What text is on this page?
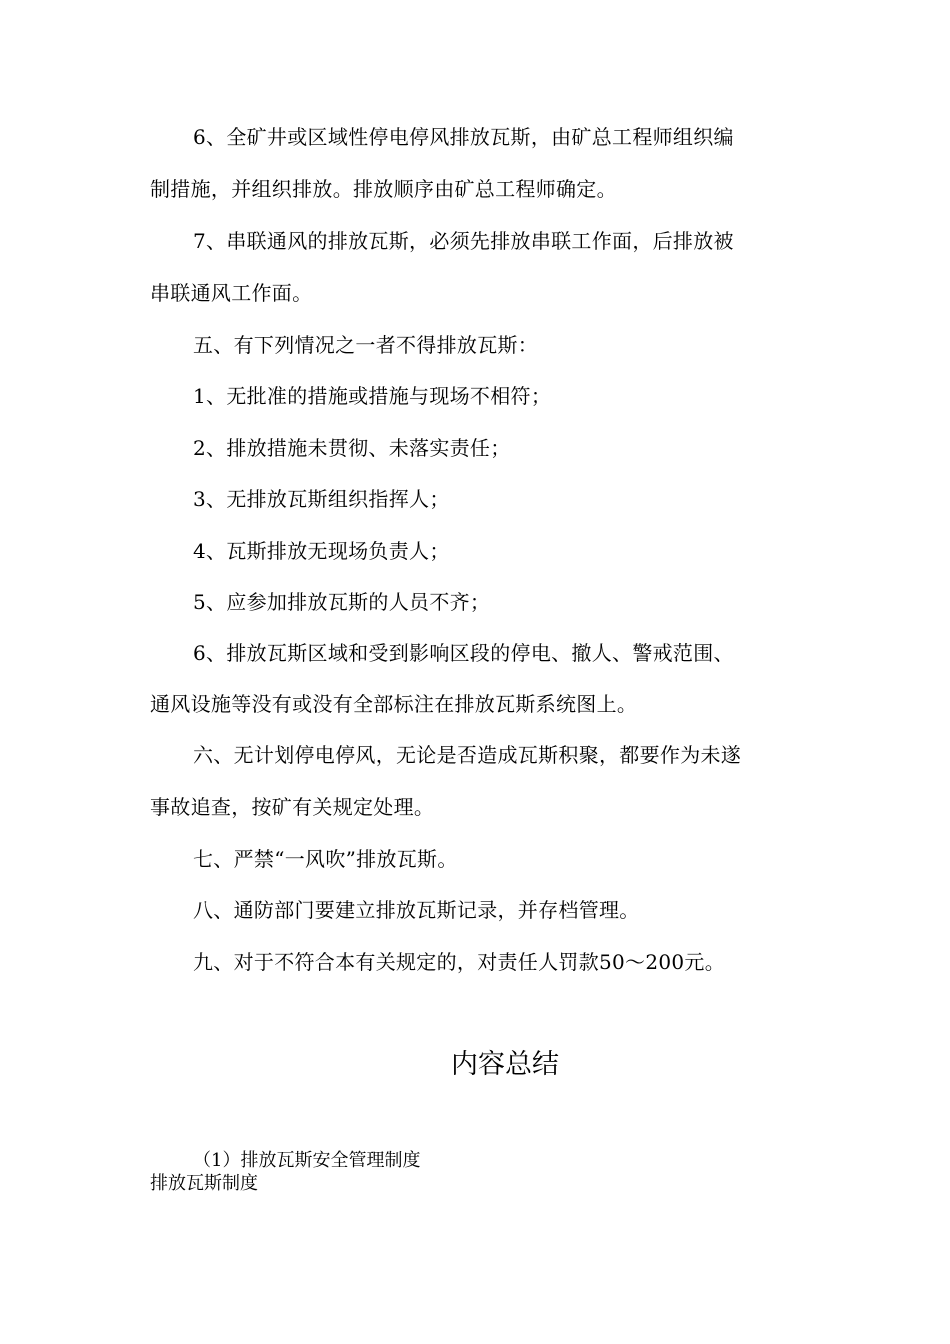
6、全矿井或区域性停电停风排放瓦斯，由矿总工程师组织编
制措施，并组织排放。排放顺序由矿总工程师确定。
7、串联通风的排放瓦斯，必须先排放串联工作面，后排放被
串联通风工作面。
五、有下列情况之一者不得排放瓦斯：
1、无批准的措施或措施与现场不相符；
2、排放措施未贯彻、未落实责任；
3、无排放瓦斯组织指挥人；
4、瓦斯排放无现场负责人；
5、应参加排放瓦斯的人员不齐；
6、排放瓦斯区域和受到影响区段的停电、撤人、警戒范围、
通风设施等没有或没有全部标注在排放瓦斯系统图上。
六、无计划停电停风，无论是否造成瓦斯积聚，都要作为未遂
事故追查，按矿有关规定处理。
七、严禁“一风吹”排放瓦斯。
八、通防部门要建立排放瓦斯记录，并存档管理。
九、对于不符合本有关规定的，对责任人罚款50～200元。
内容总结
（1）排放瓦斯安全管理制度
排放瓦斯制度
